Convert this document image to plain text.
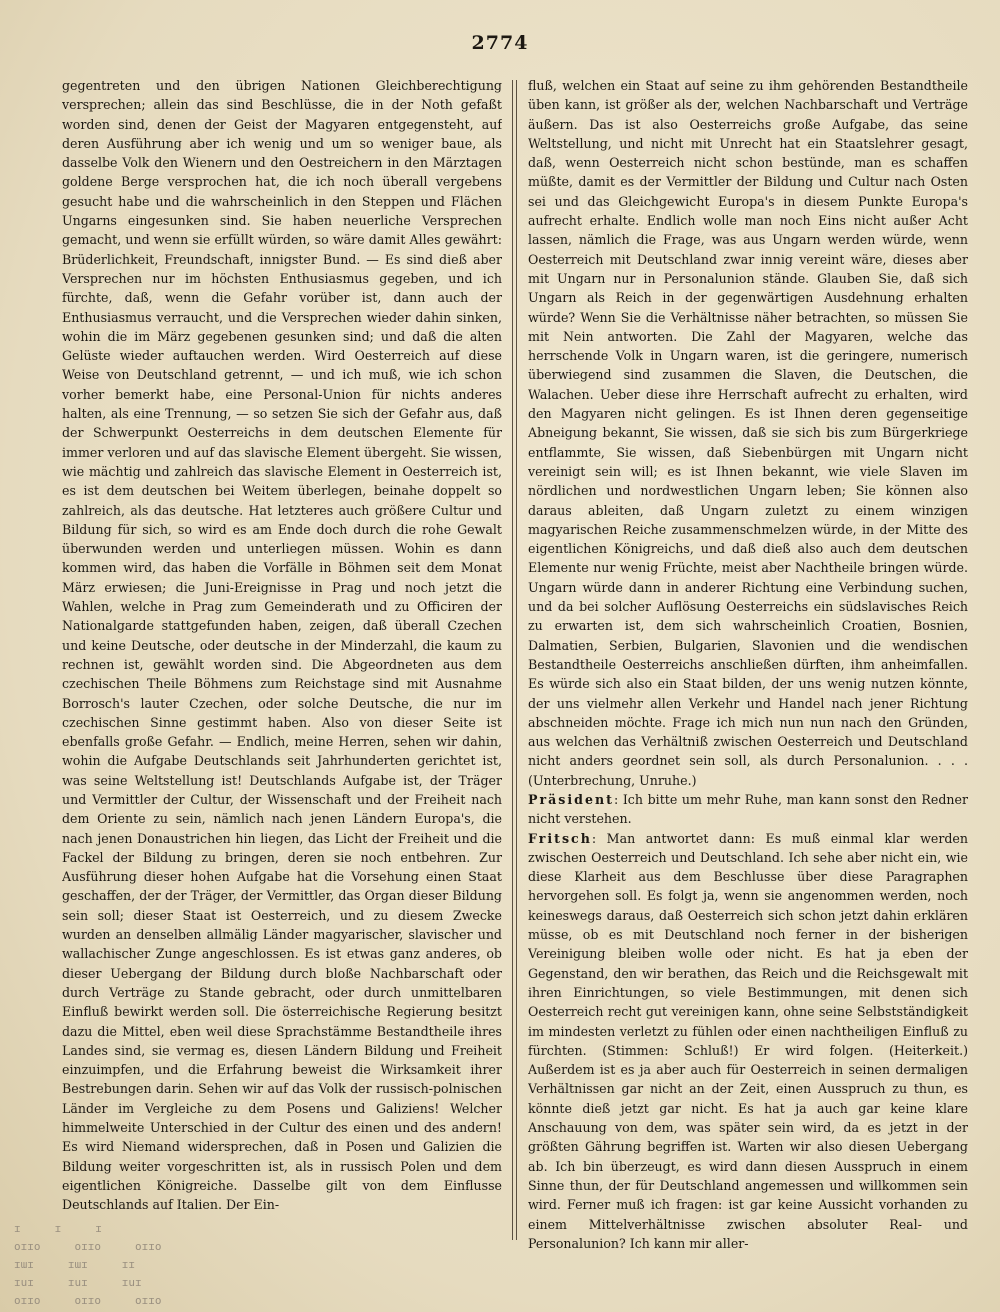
2774

gegentreten und den übrigen Nationen Gleichberechtigung versprechen; allein das sind Beschlüsse, die in der Noth gefaßt worden sind, denen der Geist der Magyaren entgegensteht, auf deren Ausführung aber ich wenig und um so weniger baue, als dasselbe Volk den Wienern und den Oestreichern in den Märztagen goldene Berge versprochen hat, die ich noch überall vergebens gesucht habe und die wahrscheinlich in den Steppen und Flächen Ungarns eingesunken sind. Sie haben neuerliche Versprechen gemacht, und wenn sie erfüllt würden, so wäre damit Alles gewährt: Brüderlichkeit, Freundschaft, innigster Bund. — Es sind dieß aber Versprechen nur im höchsten Enthusiasmus gegeben, und ich fürchte, daß, wenn die Gefahr vorüber ist, dann auch der Enthusiasmus verraucht, und die Versprechen wieder dahin sinken, wohin die im März gegebenen gesunken sind; und daß die alten Gelüste wieder auftauchen werden. Wird Oesterreich auf diese Weise von Deutschland getrennt, — und ich muß, wie ich schon vorher bemerkt habe, eine Personal-Union für nichts anderes halten, als eine Trennung, — so setzen Sie sich der Gefahr aus, daß der Schwerpunkt Oesterreichs in dem deutschen Elemente für immer verloren und auf das slavische Element übergeht. Sie wissen, wie mächtig und zahlreich das slavische Element in Oesterreich ist, es ist dem deutschen bei Weitem überlegen, beinahe doppelt so zahlreich, als das deutsche. Hat letzteres auch größere Cultur und Bildung für sich, so wird es am Ende doch durch die rohe Gewalt überwunden werden und unterliegen müssen. Wohin es dann kommen wird, das haben die Vorfälle in Böhmen seit dem Monat März erwiesen; die Juni-Ereignisse in Prag und noch jetzt die Wahlen, welche in Prag zum Gemeinderath und zu Officiren der Nationalgarde stattgefunden haben, zeigen, daß überall Czechen und keine Deutsche, oder deutsche in der Minderzahl, die kaum zu rechnen ist, gewählt worden sind. Die Abgeordneten aus dem czechischen Theile Böhmens zum Reichstage sind mit Ausnahme Borrosch's lauter Czechen, oder solche Deutsche, die nur im czechischen Sinne gestimmt haben. Also von dieser Seite ist ebenfalls große Gefahr. — Endlich, meine Herren, sehen wir dahin, wohin die Aufgabe Deutschlands seit Jahrhunderten gerichtet ist, was seine Weltstellung ist! Deutschlands Aufgabe ist, der Träger und Vermittler der Cultur, der Wissenschaft und der Freiheit nach dem Oriente zu sein, nämlich nach jenen Ländern Europa's, die nach jenen Donaustrichen hin liegen, das Licht der Freiheit und die Fackel der Bildung zu bringen, deren sie noch entbehren. Zur Ausführung dieser hohen Aufgabe hat die Vorsehung einen Staat geschaffen, der der Träger, der Vermittler, das Organ dieser Bildung sein soll; dieser Staat ist Oesterreich, und zu diesem Zwecke wurden an denselben allmälig Länder magyarischer, slavischer und wallachischer Zunge angeschlossen. Es ist etwas ganz anderes, ob dieser Uebergang der Bildung durch bloße Nachbarschaft oder durch Verträge zu Stande gebracht, oder durch unmittelbaren Einfluß bewirkt werden soll. Die österreichische Regierung besitzt dazu die Mittel, eben weil diese Sprachstämme Bestandtheile ihres Landes sind, sie vermag es, diesen Ländern Bildung und Freiheit einzuimpfen, und die Erfahrung beweist die Wirksamkeit ihrer Bestrebungen darin. Sehen wir auf das Volk der russisch-polnischen Länder im Vergleiche zu dem Posens und Galiziens! Welcher himmelweite Unterschied in der Cultur des einen und des andern! Es wird Niemand widersprechen, daß in Posen und Galizien die Bildung weiter vorgeschritten ist, als in russisch Polen und dem eigentlichen Königreiche. Dasselbe gilt von dem Einflusse Deutschlands auf Italien. Der Ein-

fluß, welchen ein Staat auf seine zu ihm gehörenden Bestandtheile üben kann, ist größer als der, welchen Nachbarschaft und Verträge äußern. Das ist also Oesterreichs große Aufgabe, das seine Weltstellung, und nicht mit Unrecht hat ein Staatslehrer gesagt, daß, wenn Oesterreich nicht schon bestünde, man es schaffen müßte, damit es der Vermittler der Bildung und Cultur nach Osten sei und das Gleichgewicht Europa's in diesem Punkte Europa's aufrecht erhalte. Endlich wolle man noch Eins nicht außer Acht lassen, nämlich die Frage, was aus Ungarn werden würde, wenn Oesterreich mit Deutschland zwar innig vereint wäre, dieses aber mit Ungarn nur in Personalunion stände. Glauben Sie, daß sich Ungarn als Reich in der gegenwärtigen Ausdehnung erhalten würde? Wenn Sie die Verhältnisse näher betrachten, so müssen Sie mit Nein antworten. Die Zahl der Magyaren, welche das herrschende Volk in Ungarn waren, ist die geringere, numerisch überwiegend sind zusammen die Slaven, die Deutschen, die Walachen. Ueber diese ihre Herrschaft aufrecht zu erhalten, wird den Magyaren nicht gelingen. Es ist Ihnen deren gegenseitige Abneigung bekannt, Sie wissen, daß sie sich bis zum Bürgerkriege entflammte, Sie wissen, daß Siebenbürgen mit Ungarn nicht vereinigt sein will; es ist Ihnen bekannt, wie viele Slaven im nördlichen und nordwestlichen Ungarn leben; Sie können also daraus ableiten, daß Ungarn zuletzt zu einem winzigen magyarischen Reiche zusammenschmelzen würde, in der Mitte des eigentlichen Königreichs, und daß dieß also auch dem deutschen Elemente nur wenig Früchte, meist aber Nachtheile bringen würde. Ungarn würde dann in anderer Richtung eine Verbindung suchen, und da bei solcher Auflösung Oesterreichs ein südslavisches Reich zu erwarten ist, dem sich wahrscheinlich Croatien, Bosnien, Dalmatien, Serbien, Bulgarien, Slavonien und die wendischen Bestandtheile Oesterreichs anschließen dürften, ihm anheimfallen. Es würde sich also ein Staat bilden, der uns wenig nutzen könnte, der uns vielmehr allen Verkehr und Handel nach jener Richtung abschneiden möchte. Frage ich mich nun nun nach den Gründen, aus welchen das Verhältniß zwischen Oesterreich und Deutschland nicht anders geordnet sein soll, als durch Personalunion. . . . (Unterbrechung, Unruhe.)

Präsident: Ich bitte um mehr Ruhe, man kann sonst den Redner nicht verstehen.

Fritsch: Man antwortet dann: Es muß einmal klar werden zwischen Oesterreich und Deutschland. Ich sehe aber nicht ein, wie diese Klarheit aus dem Beschlusse über diese Paragraphen hervorgehen soll. Es folgt ja, wenn sie angenommen werden, noch keineswegs daraus, daß Oesterreich sich schon jetzt dahin erklären müsse, ob es mit Deutschland noch ferner in der bisherigen Vereinigung bleiben wolle oder nicht. Es hat ja eben der Gegenstand, den wir berathen, das Reich und die Reichsgewalt mit ihren Einrichtungen, so viele Bestimmungen, mit denen sich Oesterreich recht gut vereinigen kann, ohne seine Selbstständigkeit im mindesten verletzt zu fühlen oder einen nachtheiligen Einfluß zu fürchten. (Stimmen: Schluß!) Er wird folgen. (Heiterkeit.) Außerdem ist es ja aber auch für Oesterreich in seinen dermaligen Verhältnissen gar nicht an der Zeit, einen Ausspruch zu thun, es könnte dieß jetzt gar nicht. Es hat ja auch gar keine klare Anschauung von dem, was später sein wird, da es jetzt in der größten Gährung begriffen ist. Warten wir also diesen Uebergang ab. Ich bin überzeugt, es wird dann diesen Ausspruch in einem Sinne thun, der für Deutschland angemessen und willkommen sein wird. Ferner muß ich fragen: ist gar keine Aussicht vorhanden zu einem Mittelverhältnisse zwischen absoluter Real- und Personalunion? Ich kann mir aller-

ɪ	ɪ	ɪ
oɪɪo	oɪɪo	oɪɪo
ɪɯɪ	ɪɯɪ	ɪɪ
ɪuɪ	ɪuɪ	ɪuɪ
oɪɪo	oɪɪo	oɪɪo
